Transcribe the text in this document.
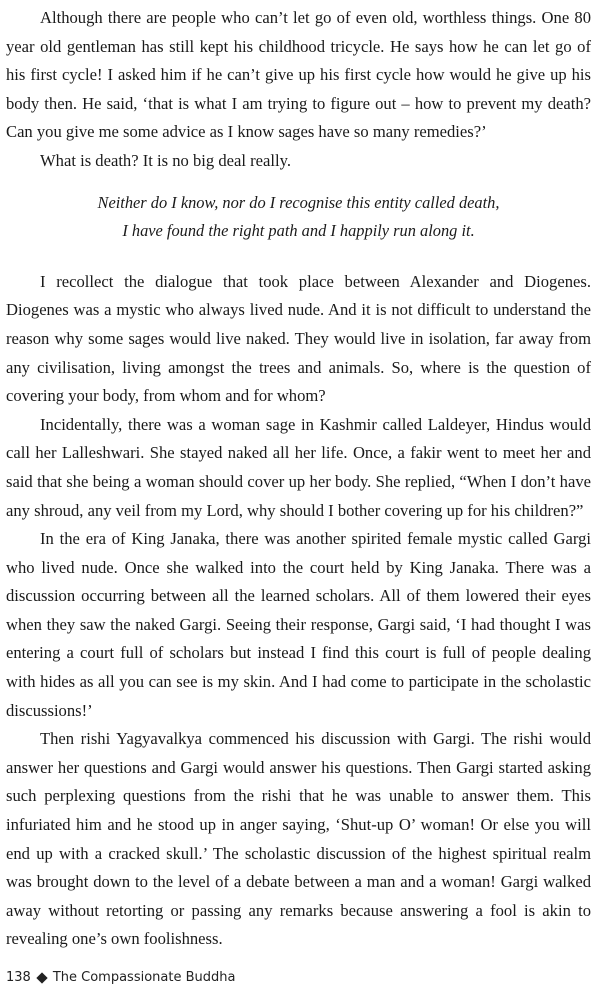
Although there are people who can’t let go of even old, worthless things. One 80 year old gentleman has still kept his childhood tricycle. He says how he can let go of his first cycle! I asked him if he can’t give up his first cycle how would he give up his body then. He said, ‘that is what I am trying to figure out – how to prevent my death? Can you give me some advice as I know sages have so many remedies?’

What is death? It is no big deal really.

Neither do I know, nor do I recognise this entity called death,
I have found the right path and I happily run along it.

I recollect the dialogue that took place between Alexander and Diogenes. Diogenes was a mystic who always lived nude. And it is not difficult to understand the reason why some sages would live naked. They would live in isolation, far away from any civilisation, living amongst the trees and animals. So, where is the question of covering your body, from whom and for whom?

Incidentally, there was a woman sage in Kashmir called Laldeyer, Hindus would call her Lalleshwari. She stayed naked all her life. Once, a fakir went to meet her and said that she being a woman should cover up her body. She replied, “When I don’t have any shroud, any veil from my Lord, why should I bother covering up for his children?”

In the era of King Janaka, there was another spirited female mystic called Gargi who lived nude. Once she walked into the court held by King Janaka. There was a discussion occurring between all the learned scholars. All of them lowered their eyes when they saw the naked Gargi. Seeing their response, Gargi said, ‘I had thought I was entering a court full of scholars but instead I find this court is full of people dealing with hides as all you can see is my skin. And I had come to participate in the scholastic discussions!’

Then rishi Yagyavalkya commenced his discussion with Gargi. The rishi would answer her questions and Gargi would answer his questions. Then Gargi started asking such perplexing questions from the rishi that he was unable to answer them. This infuriated him and he stood up in anger saying, ‘Shut-up O’ woman! Or else you will end up with a cracked skull.’ The scholastic discussion of the highest spiritual realm was brought down to the level of a debate between a man and a woman! Gargi walked away without retorting or passing any remarks because answering a fool is akin to revealing one’s own foolishness.

138 The Compassionate Buddha
